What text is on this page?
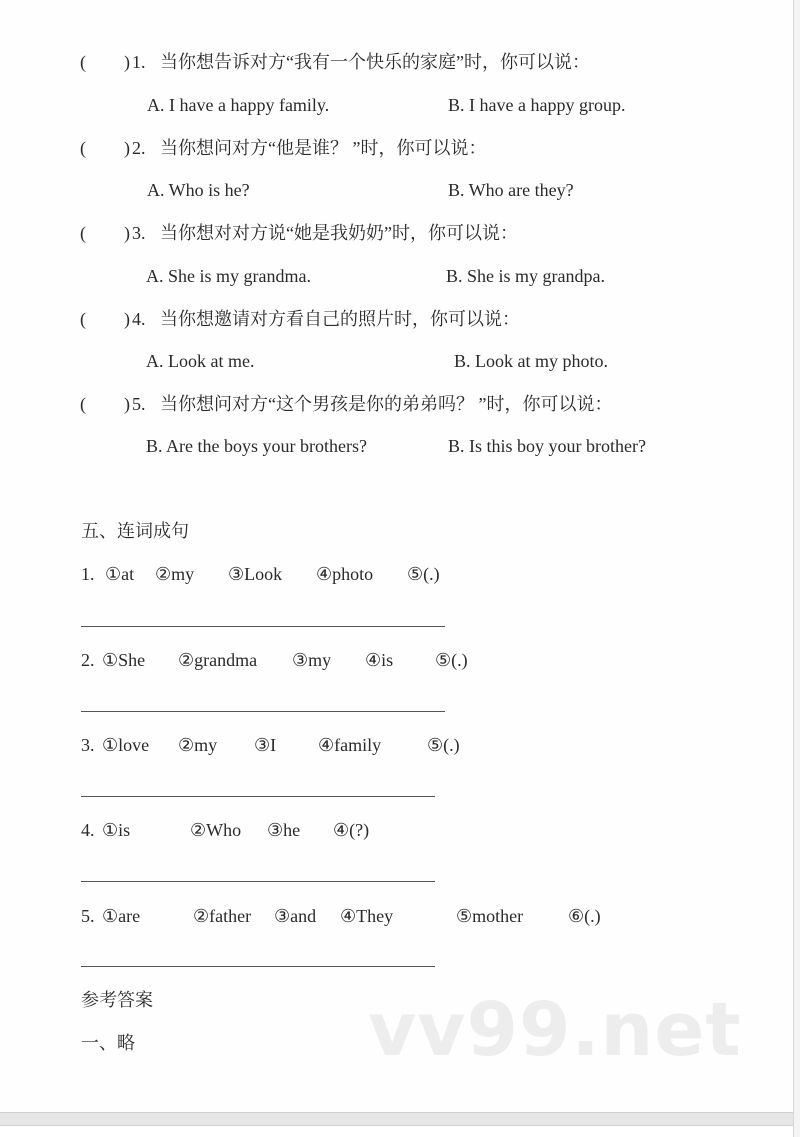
( ) 1. 当你想告诉对方“我有一个快乐的家庭”时，你可以说：
A. I have a happy family.	B. I have a happy group.
( ) 2. 当你想问对方“他是谁？ ”时，你可以说：
A. Who is he?	B. Who are they?
( ) 3. 当你想对对方说“她是我奶奶”时，你可以说：
A. She is my grandma.	B. She is my grandpa.
( ) 4. 当你想邀请对方看自己的照片时，你可以说：
A. Look at me.	B. Look at my photo.
( ) 5. 当你想问对方“这个男孩是你的弟弟吗？ ”时，你可以说：
B. Are the boys your brothers?	B. Is this boy your brother?
五、连词成句
1. ①at ②my ③Look ④photo ⑤(.)
2. ①She ②grandma ③my ④is ⑤(.)
3. ①love ②my ③I ④family	⑤(.)
4. ①is	②Who ③he ④(?)
5. ①are	②father ③and ④They	⑤mother ⑥(.)
参考答案
一、略	vv99.net
